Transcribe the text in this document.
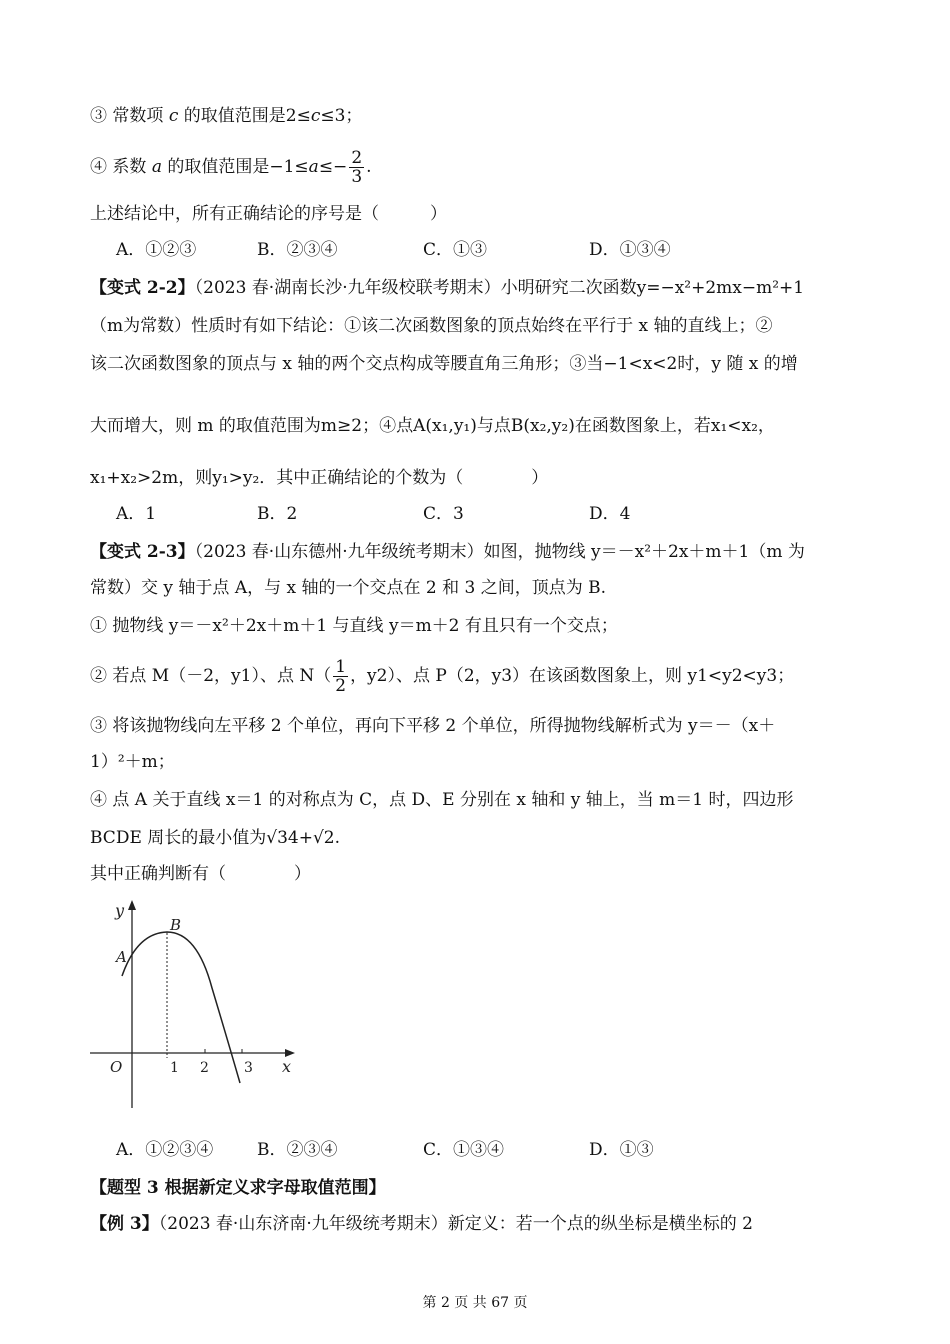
③ 常数项 c 的取值范围是2≤c≤3；
④ 系数 a 的取值范围是$-1\le a\le- \frac{2}{3}$ .
上述结论中，所有正确结论的序号是（　　　）
A．①②③	B．②③④	C．①③	D．①③④
【变式 2-2】（2023 春·湖南长沙·九年级校联考期末）小明研究二次函数y=−x²+2mx−m²+1
（m为常数）性质时有如下结论：①该二次函数图象的顶点始终在平行于 x 轴的直线上；②
该二次函数图象的顶点与 x 轴的两个交点构成等腰直角三角形；③当−1<x<2时，y 随 x 的增
大而增大，则 m 的取值范围为m≥2；④点A(x₁,y₁)与点B(x₂,y₂)在函数图象上，若x₁<x₂，
x₁+x₂>2m，则y₁>y₂．其中正确结论的个数为（　　　　）
A．1	B．2	C．3	D．4
【变式 2-3】（2023 春·山东德州·九年级统考期末）如图，抛物线 y＝－x²＋2x＋m＋1（m 为
常数）交 y 轴于点 A，与 x 轴的一个交点在 2 和 3 之间，顶点为 B.
① 抛物线 y＝－x²＋2x＋m＋1 与直线 y＝m＋2 有且只有一个交点；
② 若点 M（－2，y1）、点 $N( \frac{1}{2}$ ，y2）、点 P（2，y3）在该函数图象上，则 y1<y2<y3；
③ 将该抛物线向左平移 2 个单位，再向下平移 2 个单位，所得抛物线解析式为 y＝－（x＋
1）²＋m；
④ 点 A 关于直线 x＝1 的对称点为 C，点 D、E 分别在 x 轴和 y 轴上，当 m＝1 时，四边形
BCDE 周长的最小值为√34+√2.
其中正确判断有（　　　　）
y
x
O
A
B
1 2	3
A．①②③④	B．②③④	C．①③④	D．①③
【题型 3 根据新定义求字母取值范围】
【例 3】（2023 春·山东济南·九年级统考期末）新定义：若一个点的纵坐标是横坐标的 2
第 2 页 共 67 页
